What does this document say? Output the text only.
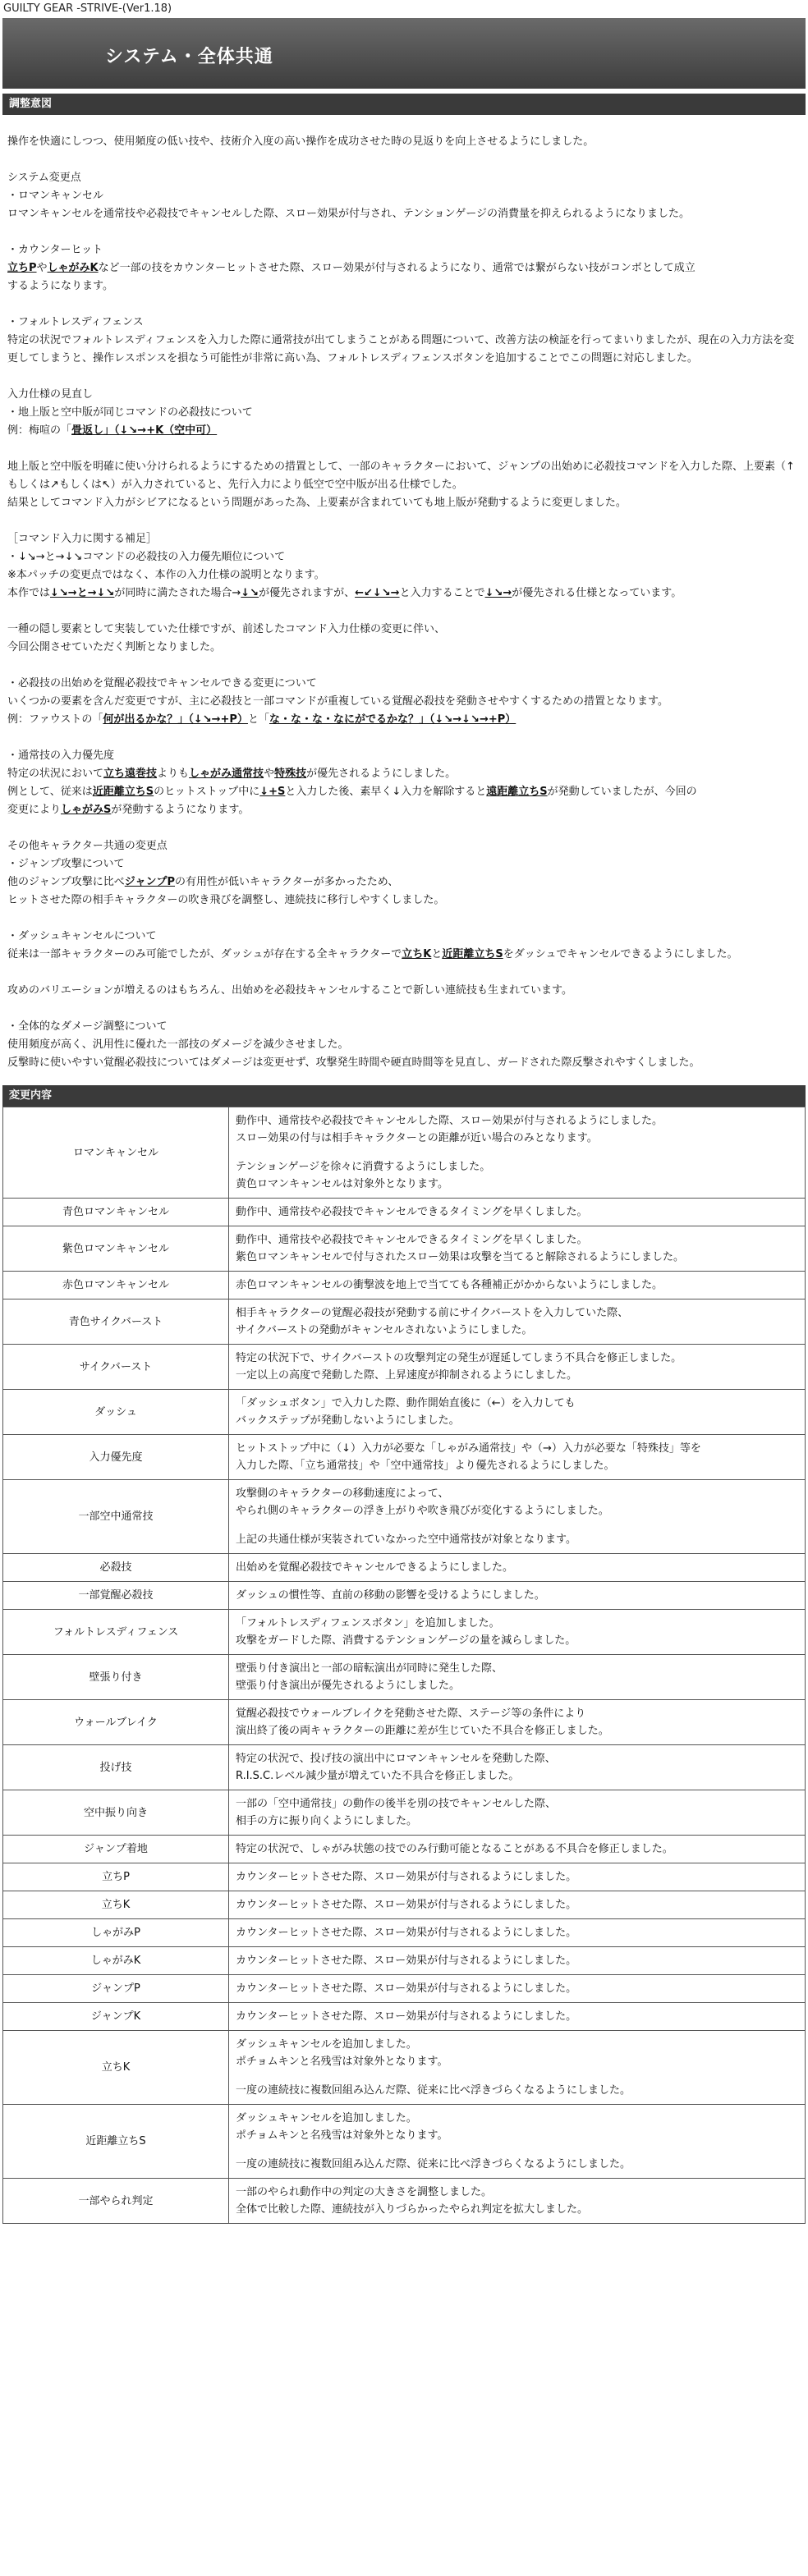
GUILTY GEAR -STRIVE-(Ver1.18)
システム・全体共通
調整意図

操作を快適にしつつ、使用頻度の低い技や、技術介入度の高い操作を成功させた時の見返りを向上させるようにしました。

システム変更点

・ロマンキャンセル

ロマンキャンセルを通常技や必殺技でキャンセルした際、スロー効果が付与され、テンションゲージの消費量を抑えられるようになりました。

・カウンターヒット

立ちPやしゃがみKなど一部の技をカウンターヒットさせた際、スロー効果が付与されるようになり、通常では繋がらない技がコンボとして成立

するようになります。

・フォルトレスディフェンス

特定の状況でフォルトレスディフェンスを入力した際に通常技が出てしまうことがある問題について、改善方法の検証を行ってまいりましたが、現在の入力方法を変更してしまうと、操作レスポンスを損なう可能性が非常に高い為、フォルトレスディフェンスボタンを追加することでこの問題に対応しました。

入力仕様の見直し

・地上版と空中版が同じコマンドの必殺技について

例：梅喧の「畳返し」（↓↘→+K（空中可）

地上版と空中版を明確に使い分けられるようにするための措置として、一部のキャラクターにおいて、ジャンプの出始めに必殺技コマンドを入力した際、上要素（↑もしくは↗もしくは↖）が入力されていると、先行入力により低空で空中版が出る仕様でした。

結果としてコマンド入力がシビアになるという問題があった為、上要素が含まれていても地上版が発動するように変更しました。

［コマンド入力に関する補足］

・↓↘→と→↓↘コマンドの必殺技の入力優先順位について

※本パッチの変更点ではなく、本作の入力仕様の説明となります。

本作では↓↘→と→↓↘が同時に満たされた場合→↓↘が優先されますが、←↙↓↘→と入力することで↓↘→が優先される仕様となっています。

一種の隠し要素として実装していた仕様ですが、前述したコマンド入力仕様の変更に伴い、

今回公開させていただく判断となりました。

・必殺技の出始めを覚醒必殺技でキャンセルできる変更について

いくつかの要素を含んだ変更ですが、主に必殺技と一部コマンドが重複している覚醒必殺技を発動させやすくするための措置となります。

例：ファウストの「何が出るかな？」（↓↘→+P）と「な・な・な・なにがでるかな？」（↓↘→↓↘→+P）

・通常技の入力優先度

特定の状況において立ち遠巻技よりもしゃがみ通常技や特殊技が優先されるようにしました。

例として、従来は近距離立ちSのヒットストップ中に↓+Sと入力した後、素早く↓入力を解除すると遠距離立ちSが発動していましたが、今回の

変更によりしゃがみSが発動するようになります。

その他キャラクター共通の変更点

・ジャンプ攻撃について

他のジャンプ攻撃に比べジャンプPの有用性が低いキャラクターが多かったため、

ヒットさせた際の相手キャラクターの吹き飛びを調整し、連続技に移行しやすくしました。

・ダッシュキャンセルについて

従来は一部キャラクターのみ可能でしたが、ダッシュが存在する全キャラクターで立ちKと近距離立ちSをダッシュでキャンセルできるようにしました。

攻めのバリエーションが増えるのはもちろん、出始めを必殺技キャンセルすることで新しい連続技も生まれています。

・全体的なダメージ調整について

使用頻度が高く、汎用性に優れた一部技のダメージを減少させました。

反撃時に使いやすい覚醒必殺技についてはダメージは変更せず、攻撃発生時間や硬直時間等を見直し、ガードされた際反撃されやすくしました。

変更内容
ロマンキャンセル	動作中、通常技や必殺技でキャンセルした際、スロー効果が付与されるようにしました。
スロー効果の付与は相手キャラクターとの距離が近い場合のみとなります。
テンションゲージを徐々に消費するようにしました。
黄色ロマンキャンセルは対象外となります。

青色ロマンキャンセル	動作中、通常技や必殺技でキャンセルできるタイミングを早くしました。

紫色ロマンキャンセル	動作中、通常技や必殺技でキャンセルできるタイミングを早くしました。
紫色ロマンキャンセルで付与されたスロー効果は攻撃を当てると解除されるようにしました。

赤色ロマンキャンセル	赤色ロマンキャンセルの衝撃波を地上で当てても各種補正がかからないようにしました。

青色サイクバースト	相手キャラクターの覚醒必殺技が発動する前にサイクバーストを入力していた際、
サイクバーストの発動がキャンセルされないようにしました。

サイクバースト	特定の状況下で、サイクバーストの攻撃判定の発生が遅延してしまう不具合を修正しました。
一定以上の高度で発動した際、上昇速度が抑制されるようにしました。

ダッシュ	「ダッシュボタン」で入力した際、動作開始直後に（←）を入力しても
バックステップが発動しないようにしました。

入力優先度	ヒットストップ中に（↓）入力が必要な「しゃがみ通常技」や（→）入力が必要な「特殊技」等を
入力した際、「立ち通常技」や「空中通常技」より優先されるようにしました。

一部空中通常技	攻撃側のキャラクターの移動速度によって、
やられ側のキャラクターの浮き上がりや吹き飛びが変化するようにしました。
上記の共通仕様が実装されていなかった空中通常技が対象となります。

必殺技	出始めを覚醒必殺技でキャンセルできるようにしました。

一部覚醒必殺技	ダッシュの慣性等、直前の移動の影響を受けるようにしました。

フォルトレスディフェンス	「フォルトレスディフェンスボタン」を追加しました。
攻撃をガードした際、消費するテンションゲージの量を減らしました。

壁張り付き	壁張り付き演出と一部の暗転演出が同時に発生した際、
壁張り付き演出が優先されるようにしました。

ウォールブレイク	覚醒必殺技でウォールブレイクを発動させた際、ステージ等の条件により
演出終了後の両キャラクターの距離に差が生じていた不具合を修正しました。

投げ技	特定の状況で、投げ技の演出中にロマンキャンセルを発動した際、
R.I.S.C.レベル減少量が増えていた不具合を修正しました。

空中振り向き	一部の「空中通常技」の動作の後半を別の技でキャンセルした際、
相手の方に振り向くようにしました。

ジャンプ着地	特定の状況で、しゃがみ状態の技でのみ行動可能となることがある不具合を修正しました。

立ちP	カウンターヒットさせた際、スロー効果が付与されるようにしました。

立ちK	カウンターヒットさせた際、スロー効果が付与されるようにしました。

しゃがみP	カウンターヒットさせた際、スロー効果が付与されるようにしました。

しゃがみK	カウンターヒットさせた際、スロー効果が付与されるようにしました。

ジャンプP	カウンターヒットさせた際、スロー効果が付与されるようにしました。

ジャンプK	カウンターヒットさせた際、スロー効果が付与されるようにしました。

立ちK	ダッシュキャンセルを追加しました。
ポチョムキンと名残雪は対象外となります。
一度の連続技に複数回組み込んだ際、従来に比べ浮きづらくなるようにしました。

近距離立ちS	ダッシュキャンセルを追加しました。
ポチョムキンと名残雪は対象外となります。
一度の連続技に複数回組み込んだ際、従来に比べ浮きづらくなるようにしました。

一部やられ判定	一部のやられ動作中の判定の大きさを調整しました。
全体で比較した際、連続技が入りづらかったやられ判定を拡大しました。
